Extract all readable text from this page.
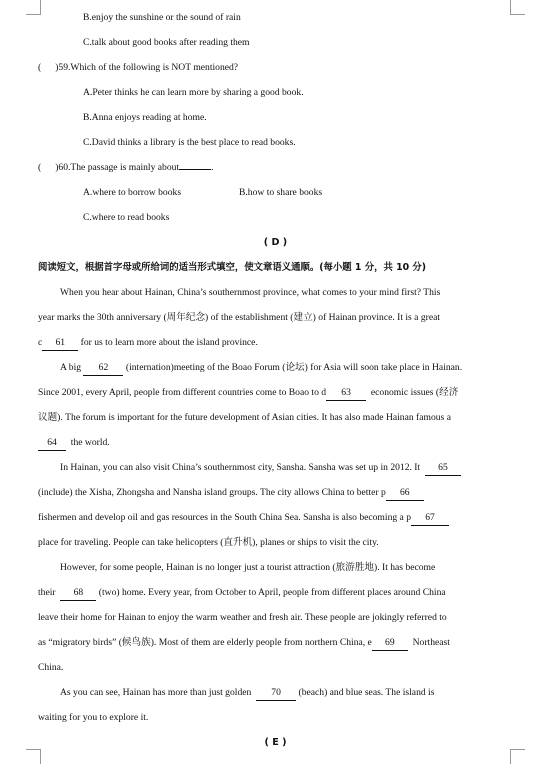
B.enjoy the sunshine or the sound of rain
C.talk about good books after reading them
( )59.Which of the following is NOT mentioned?
A.Peter thinks he can learn more by sharing a good book.
B.Anna enjoys reading at home.
C.David thinks a library is the best place to read books.
( )60.The passage is mainly about	.
A.where to borrow books	B.how to share books
C.where to read books
( D )
阅读短文，根据首字母或所给词的适当形式填空，使文章语义通顺。(每小题 1 分，共 10 分)
When you hear about Hainan, China’s southernmost province, what comes to your mind first? This
year marks the 30th anniversary (周年纪念) of the establishment (建立) of Hainan province. It is a great
c 61 for us to learn more about the island province.
A big 62 (internation)meeting of the Boao Forum (论坛) for Asia will soon take place in Hainan.
Since 2001, every April, people from different countries come to Boao to d 63 economic issues (经济
议题). The forum is important for the future development of Asian cities. It has also made Hainan famous a
64 the world.
In Hainan, you can also visit China’s southernmost city, Sansha. Sansha was set up in 2012. It 65
(include) the Xisha, Zhongsha and Nansha island groups. The city allows China to better p 66
fishermen and develop oil and gas resources in the South China Sea. Sansha is also becoming a p 67
place for traveling. People can take helicopters (直升机), planes or ships to visit the city.
However, for some people, Hainan is no longer just a tourist attraction (旅游胜地). It has become
their 68 (two) home. Every year, from October to April, people from different places around China
leave their home for Hainan to enjoy the warm weather and fresh air. These people are jokingly referred to
as “migratory birds” (候鸟族). Most of them are elderly people from northern China, e 69 Northeast
China.
As you can see, Hainan has more than just golden 70 (beach) and blue seas. The island is
waiting for you to explore it.
( E )
